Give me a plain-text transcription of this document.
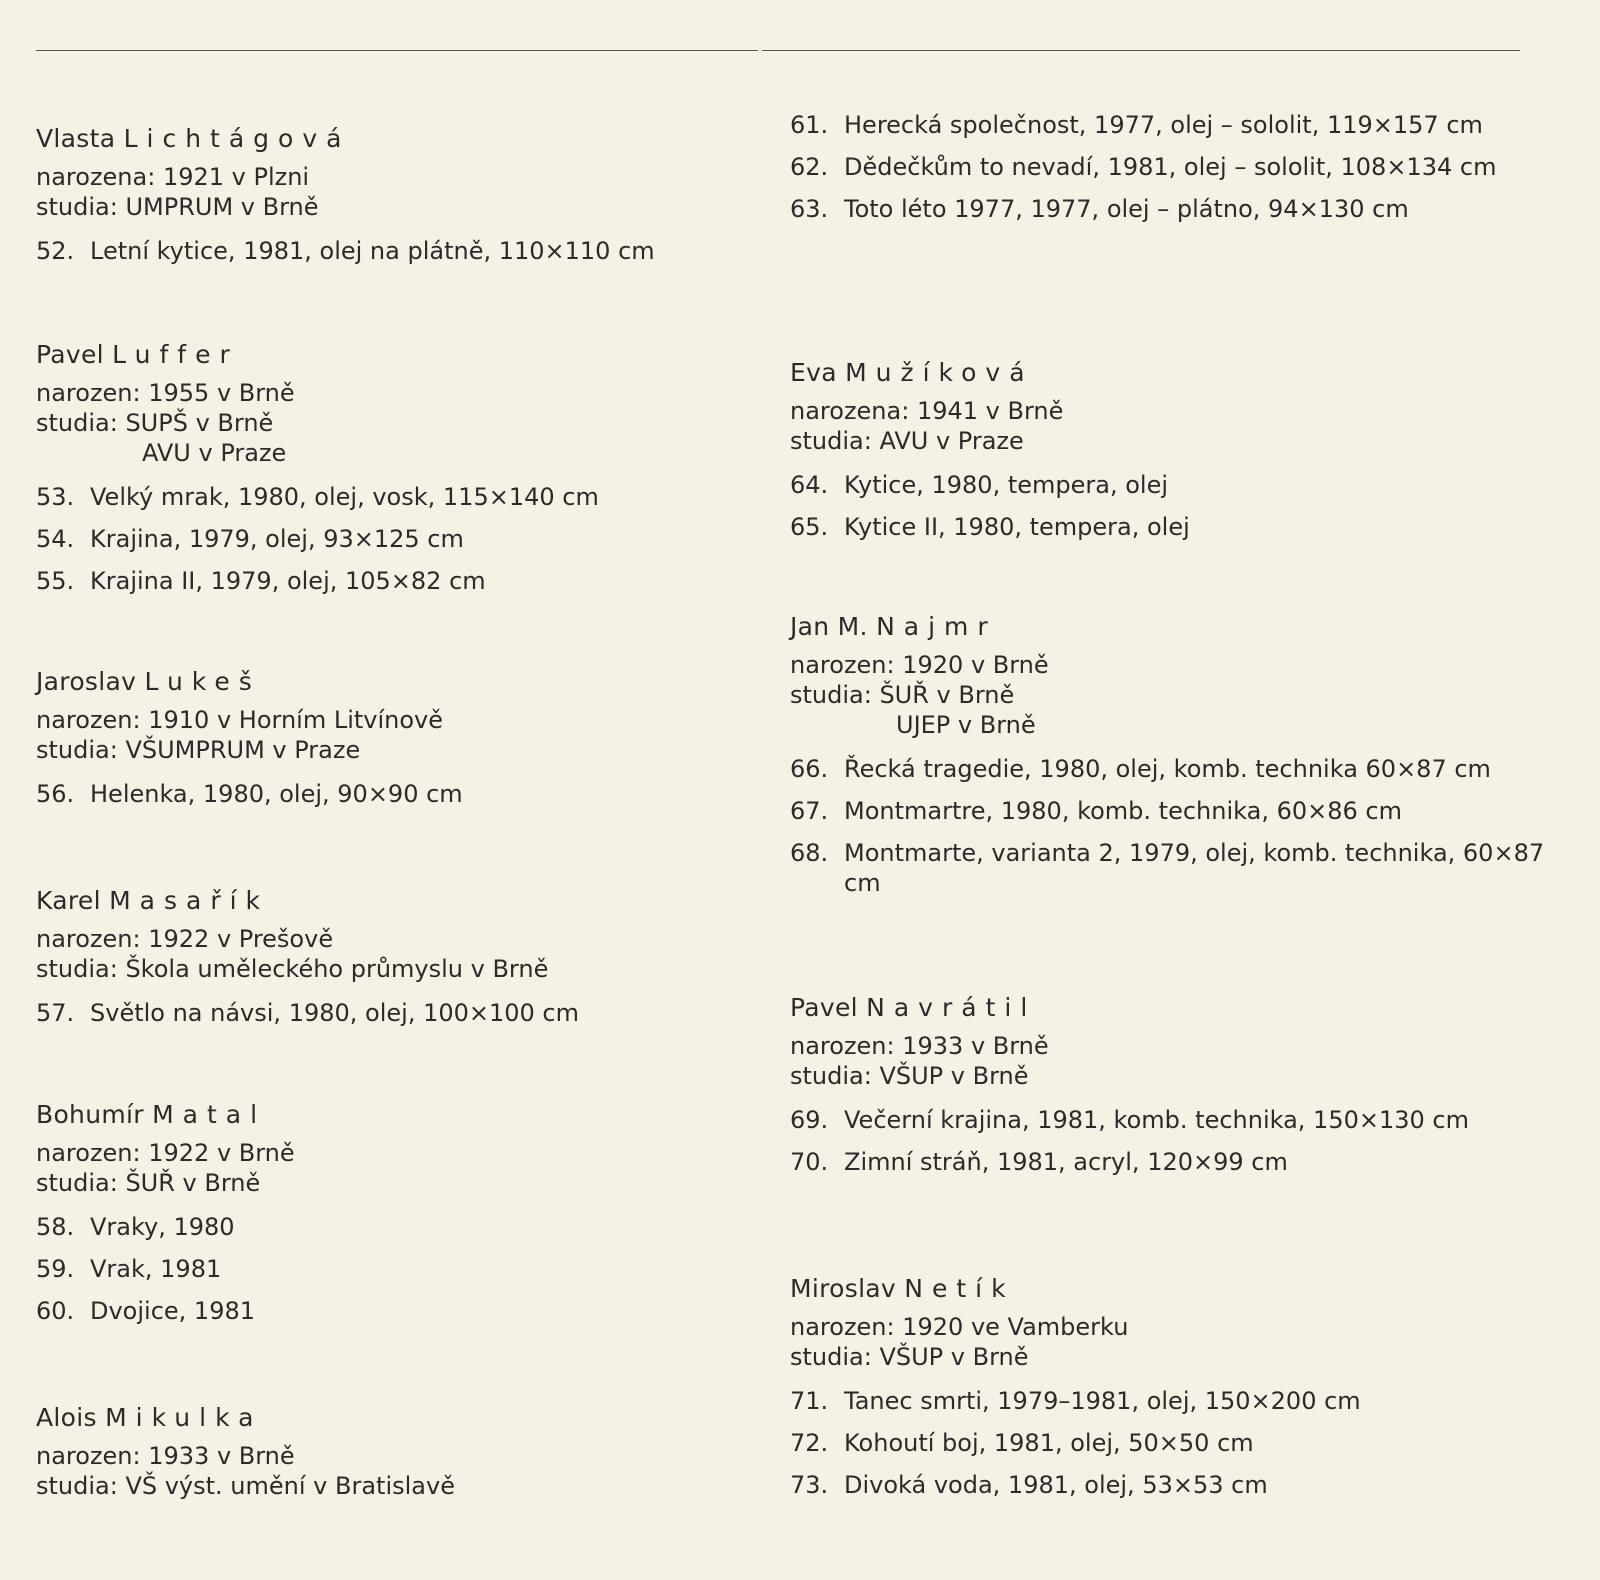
Vlasta Lichtágová
narozena: 1921 v Plzni
studia: UMPRUM v Brně
52. Letní kytice, 1981, olej na plátně, 110×110 cm
Pavel Luffer
narozen: 1955 v Brně
studia: SUPŠ v Brně
AVU v Praze
53. Velký mrak, 1980, olej, vosk, 115×140 cm
54. Krajina, 1979, olej, 93×125 cm
55. Krajina II, 1979, olej, 105×82 cm
Jaroslav Lukeš
narozen: 1910 v Horním Litvínově
studia: VŠUMPRUM v Praze
56. Helenka, 1980, olej, 90×90 cm
Karel Masařík
narozen: 1922 v Prešově
studia: Škola uměleckého průmyslu v Brně
57. Světlo na návsi, 1980, olej, 100×100 cm
Bohumír Matal
narozen: 1922 v Brně
studia: ŠUŘ v Brně
58. Vraky, 1980
59. Vrak, 1981
60. Dvojice, 1981
Alois Mikulka
narozen: 1933 v Brně
studia: VŠ výst. umění v Bratislavě
61. Herecká společnost, 1977, olej – sololit, 119×157 cm
62. Dědečkům to nevadí, 1981, olej – sololit, 108×134 cm
63. Toto léto 1977, 1977, olej – plátno, 94×130 cm
Eva Mužíková
narozena: 1941 v Brně
studia: AVU v Praze
64. Kytice, 1980, tempera, olej
65. Kytice II, 1980, tempera, olej
Jan M. Najmr
narozen: 1920 v Brně
studia: ŠUŘ v Brně
UJEP v Brně
66. Řecká tragedie, 1980, olej, komb. technika 60×87 cm
67. Montmartre, 1980, komb. technika, 60×86 cm
68. Montmarte, varianta 2, 1979, olej, komb. technika, 60×87 cm
Pavel Navrátil
narozen: 1933 v Brně
studia: VŠUP v Brně
69. Večerní krajina, 1981, komb. technika, 150×130 cm
70. Zimní stráň, 1981, acryl, 120×99 cm
Miroslav Netík
narozen: 1920 ve Vamberku
studia: VŠUP v Brně
71. Tanec smrti, 1979–1981, olej, 150×200 cm
72. Kohoutí boj, 1981, olej, 50×50 cm
73. Divoká voda, 1981, olej, 53×53 cm
